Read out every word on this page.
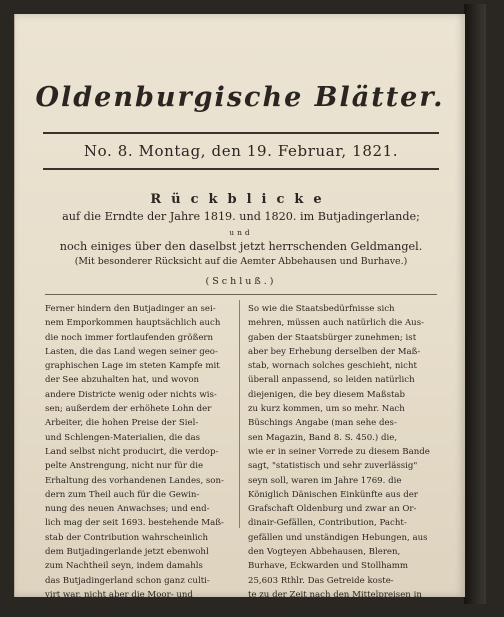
Oldenburgische Blätter.
No. 8. Montag, den 19. Februar, 1821.
Rückblicke
auf die Erndte der Jahre 1819. und 1820. im Butjadingerlande;
und
noch einiges über den daselbst jetzt herrschenden Geldmangel.
(Mit besonderer Rücksicht auf die Aemter Abbehausen und Burhave.)
(Schluß.)
Ferner hindern den Butjadinger an sei-
nem Emporkommen hauptsächlich auch
die noch immer fortlaufenden größern
Lasten, die das Land wegen seiner geo-
graphischen Lage im steten Kampfe mit
der See abzuhalten hat, und wovon
andere Districte wenig oder nichts wis-
sen; außerdem der erhöhete Lohn der
Arbeiter, die hohen Preise der Siel-
und Schlengen-Materialien, die das
Land selbst nicht producirt, die verdop-
pelte Anstrengung, nicht nur für die
Erhaltung des vorhandenen Landes, son-
dern zum Theil auch für die Gewin-
nung des neuen Anwachses; und end-
lich mag der seit 1693. bestehende Maß-
stab der Contribution wahrscheinlich
dem Butjadingerlande jetzt ebenwohl
zum Nachtheil seyn, indem damahls
das Butjadingerland schon ganz culti-
virt war, nicht aber die Moor- und
Geest-Districte.
So wie die Staatsbedürfnisse sich
mehren, müssen auch natürlich die Aus-
gaben der Staatsbürger zunehmen; ist
aber bey Erhebung derselben der Maß-
stab, wornach solches geschieht, nicht
überall anpassend, so leiden natürlich
diejenigen, die bey diesem Maßstab
zu kurz kommen, um so mehr. Nach
Büschings Angabe (man sehe des-
sen Magazin, Band 8. S. 450.) die,
wie er in seiner Vorrede zu diesem Bande
sagt, "statistisch und sehr zuverlässig"
seyn soll, waren im Jahre 1769. die
Königlich Dänischen Einkünfte aus der
Grafschaft Oldenburg und zwar an Or-
dinair-Gefällen, Contribution, Pacht-
gefällen und unständigen Hebungen, aus
den Vogteyen Abbehausen, Bleren,
Burhave, Eckwarden und Stollhamm
25,603 Rthlr. Das Getreide koste-
te zu der Zeit nach den Mittelpreisen in
der Stadt Oldenburg: (s. Oldenb.
